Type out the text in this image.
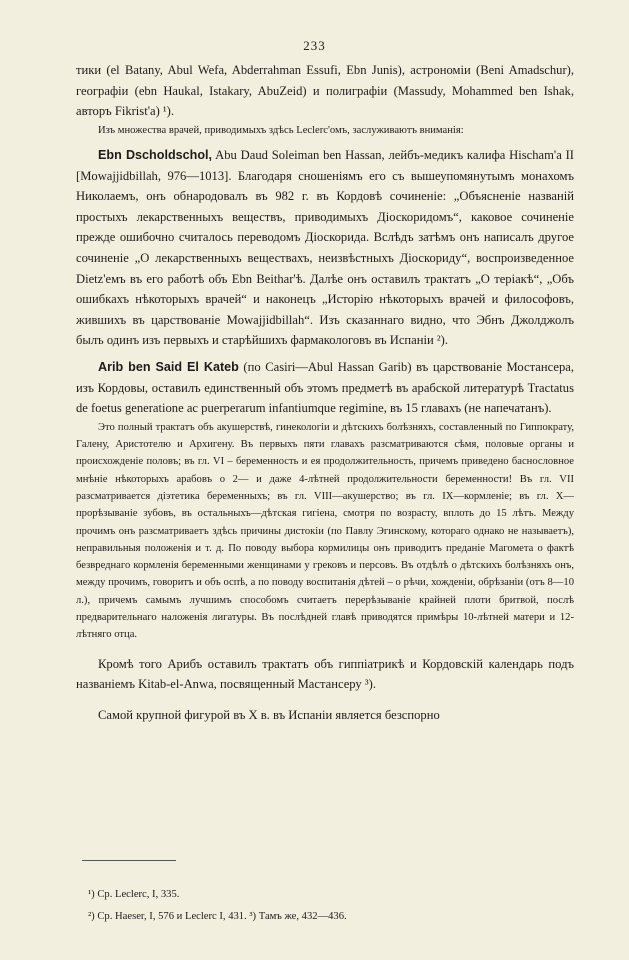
233

тики (el Batany, Abul Wefa, Abderrahman Essufi, Ebn Junis), астрономіи (Beni Amadschur), географіи (ebn Haukal, Istakary, AbuZeid) и полиграфіи (Massudy, Mohammed ben Ishak, авторъ Fikrist'а) ¹).

Изъ множества врачей, приводимыхъ здѣсь Leclerc'омъ, заслуживаютъ вниманія:

Ebn Dscholdschol, Abu Daud Soleiman ben Hassan, лейбъ-медикъ калифа Hischam'а II [Mowajjidbillah, 976—1013]. Благодаря сношеніямъ его съ вышеупомянутымъ монахомъ Николаемъ, онъ обнародовалъ въ 982 г. въ Кордовѣ сочиненіе: „Объясненіе названій простыхъ лекарственныхъ веществъ, приводимыхъ Діоскоридомъ“, каковое сочиненіе прежде ошибочно считалось переводомъ Діоскорида. Вслѣдъ затѣмъ онъ написалъ другое сочиненіе „О лекарственныхъ веществахъ, неизвѣстныхъ Діоскориду“, воспроизведенное Dietz'емъ въ его работѣ объ Ebn Beithar'ѣ. Далѣе онъ оставилъ трактатъ „О теріакѣ“, „Объ ошибкахъ нѣкоторыхъ врачей“ и наконецъ „Исторію нѣкоторыхъ врачей и философовъ, жившихъ въ царствованіе Mowajjidbillah“. Изъ сказаннаго видно, что Эбнъ Джолджолъ былъ одинъ изъ первыхъ и старѣйшихъ фармакологовъ въ Испаніи ²).

Arib ben Said El Kateb (по Casiri—Abul Hassan Garib) въ царствованіе Мостансера, изъ Кордовы, оставилъ единственный объ этомъ предметѣ въ арабской литературѣ Tractatus de foetus generatione ac puerperarum infantiumque regimine, въ 15 главахъ (не напечатанъ).

Это полный трактатъ объ акушерствѣ, гинекологіи и дѣтскихъ болѣзняхъ, составленный по Гиппократу, Галену, Аристотелю и Архигену. Въ первыхъ пяти главахъ разсматриваются сѣмя, половые органы и происхожденіе половъ; въ гл. VI – беременность и ея продолжительность, причемъ приведено баснословное мнѣніе нѣкоторыхъ арабовъ о 2— и даже 4-лѣтней продолжительности беременности! Въ гл. VII разсматривается діэтетика беременныхъ; въ гл. VIII—акушерство; въ гл. IX—кормленіе; въ гл. X—прорѣзываніе зубовъ, въ остальныхъ—дѣтская гигіена, смотря по возрасту, вплоть до 15 лѣтъ. Между прочимъ онъ разсматриваетъ здѣсь причины дистокіи (по Павлу Эгинскому, котораго однако не называетъ), неправильныя положенія и т. д. По поводу выбора кормилицы онъ приводитъ преданіе Магомета о фактѣ безвреднаго кормленія беременными женщинами у грековъ и персовъ. Въ отдѣлѣ о дѣтскихъ болѣзняхъ онъ, между прочимъ, говоритъ и объ оспѣ, а по поводу воспитанія дѣтей – о рѣчи, хожденіи, обрѣзаніи (отъ 8—10 л.), причемъ самымъ лучшимъ способомъ считаетъ перерѣзываніе крайней плоти бритвой, послѣ предварительнаго наложенія лигатуры. Въ послѣдней главѣ приводятся примѣры 10-лѣтней матери и 12-лѣтняго отца.

Кромѣ того Арибъ оставилъ трактатъ объ гиппіатрикѣ и Кордовскій календарь подъ названіемъ Kitab-el-Anwa, посвященный Мастансеру ³).

Самой крупной фигурой въ X в. въ Испаніи является безспорно

¹) Ср. Leclerc, I, 335.

²) Ср. Haeser, I, 576 и Leclerc I, 431. ³) Тамъ же, 432—436.
